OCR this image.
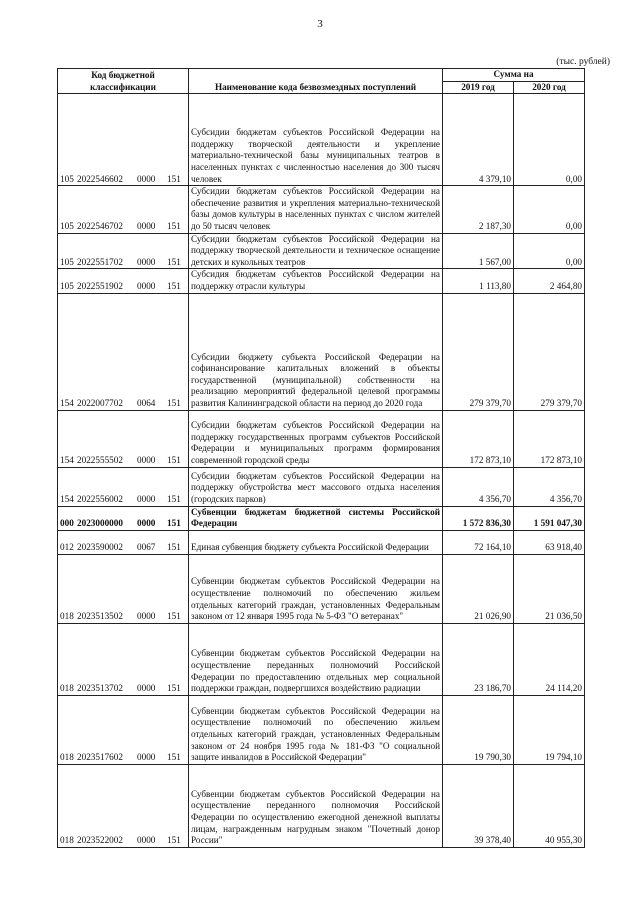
3
(тыс. рублей)
Код бюджетной классификации	Наименование кода безвозмездных поступлений	Сумма на	
		2019 год	2020 год
105 2022546602 0000 151	Субсидии бюджетам субъектов Российской Федерации на поддержку творческой деятельности и укрепление материально-технической базы муниципальных театров в населенных пунктах с численностью населения до 300 тысяч человек	4 379,10	0,00
105 2022546702 0000 151	Субсидии бюджетам субъектов Российской Федерации на обеспечение развития и укрепления материально-технической базы домов культуры в населенных пунктах с числом жителей до 50 тысяч человек	2 187,30	0,00
105 2022551702 0000 151	Субсидии бюджетам субъектов Российской Федерации на поддержку творческой деятельности и техническое оснащение детских и кукольных театров	1 567,00	0,00
105 2022551902 0000 151	Субсидия бюджетам субъектов Российской Федерации на поддержку отрасли культуры	1 113,80	2 464,80
154 2022007702 0064 151	Субсидии бюджету субъекта Российской Федерации на софинансирование капитальных вложений в объекты государственной (муниципальной) собственности на реализацию мероприятий федеральной целевой программы развития Калининградской области на период до 2020 года	279 379,70	279 379,70
154 2022555502 0000 151	Субсидии бюджетам субъектов Российской Федерации на поддержку государственных программ субъектов Российской Федерации и муниципальных программ формирования современной городской среды	172 873,10	172 873,10
154 2022556002 0000 151	Субсидии бюджетам субъектов Российской Федерации на поддержку обустройства мест массового отдыха населения (городских парков)	4 356,70	4 356,70
000 2023000000 0000 151	Субвенции бюджетам бюджетной системы Российской Федерации	1 572 836,30	1 591 047,30
012 2023590002 0067 151	Единая субвенция бюджету субъекта Российской Федерации	72 164,10	63 918,40
018 2023513502 0000 151	Субвенции бюджетам субъектов Российской Федерации на осуществление полномочий по обеспечению жильем отдельных категорий граждан, установленных Федеральным законом от 12 января 1995 года № 5-ФЗ "О ветеранах"	21 026,90	21 036,50
018 2023513702 0000 151	Субвенции бюджетам субъектов Российской Федерации на осуществление переданных полномочий Российской Федерации по предоставлению отдельных мер социальной поддержки граждан, подвергшихся воздействию радиации	23 186,70	24 114,20
018 2023517602 0000 151	Субвенции бюджетам субъектов Российской Федерации на осуществление полномочий по обеспечению жильем отдельных категорий граждан, установленных Федеральным законом от 24 ноября 1995 года № 181-ФЗ "О социальной защите инвалидов в Российской Федерации"	19 790,30	19 794,10
018 2023522002 0000 151	Субвенции бюджетам субъектов Российской Федерации на осуществление переданного полномочия Российской Федерации по осуществлению ежегодной денежной выплаты лицам, награжденным нагрудным знаком "Почетный донор России"	39 378,40	40 955,30
